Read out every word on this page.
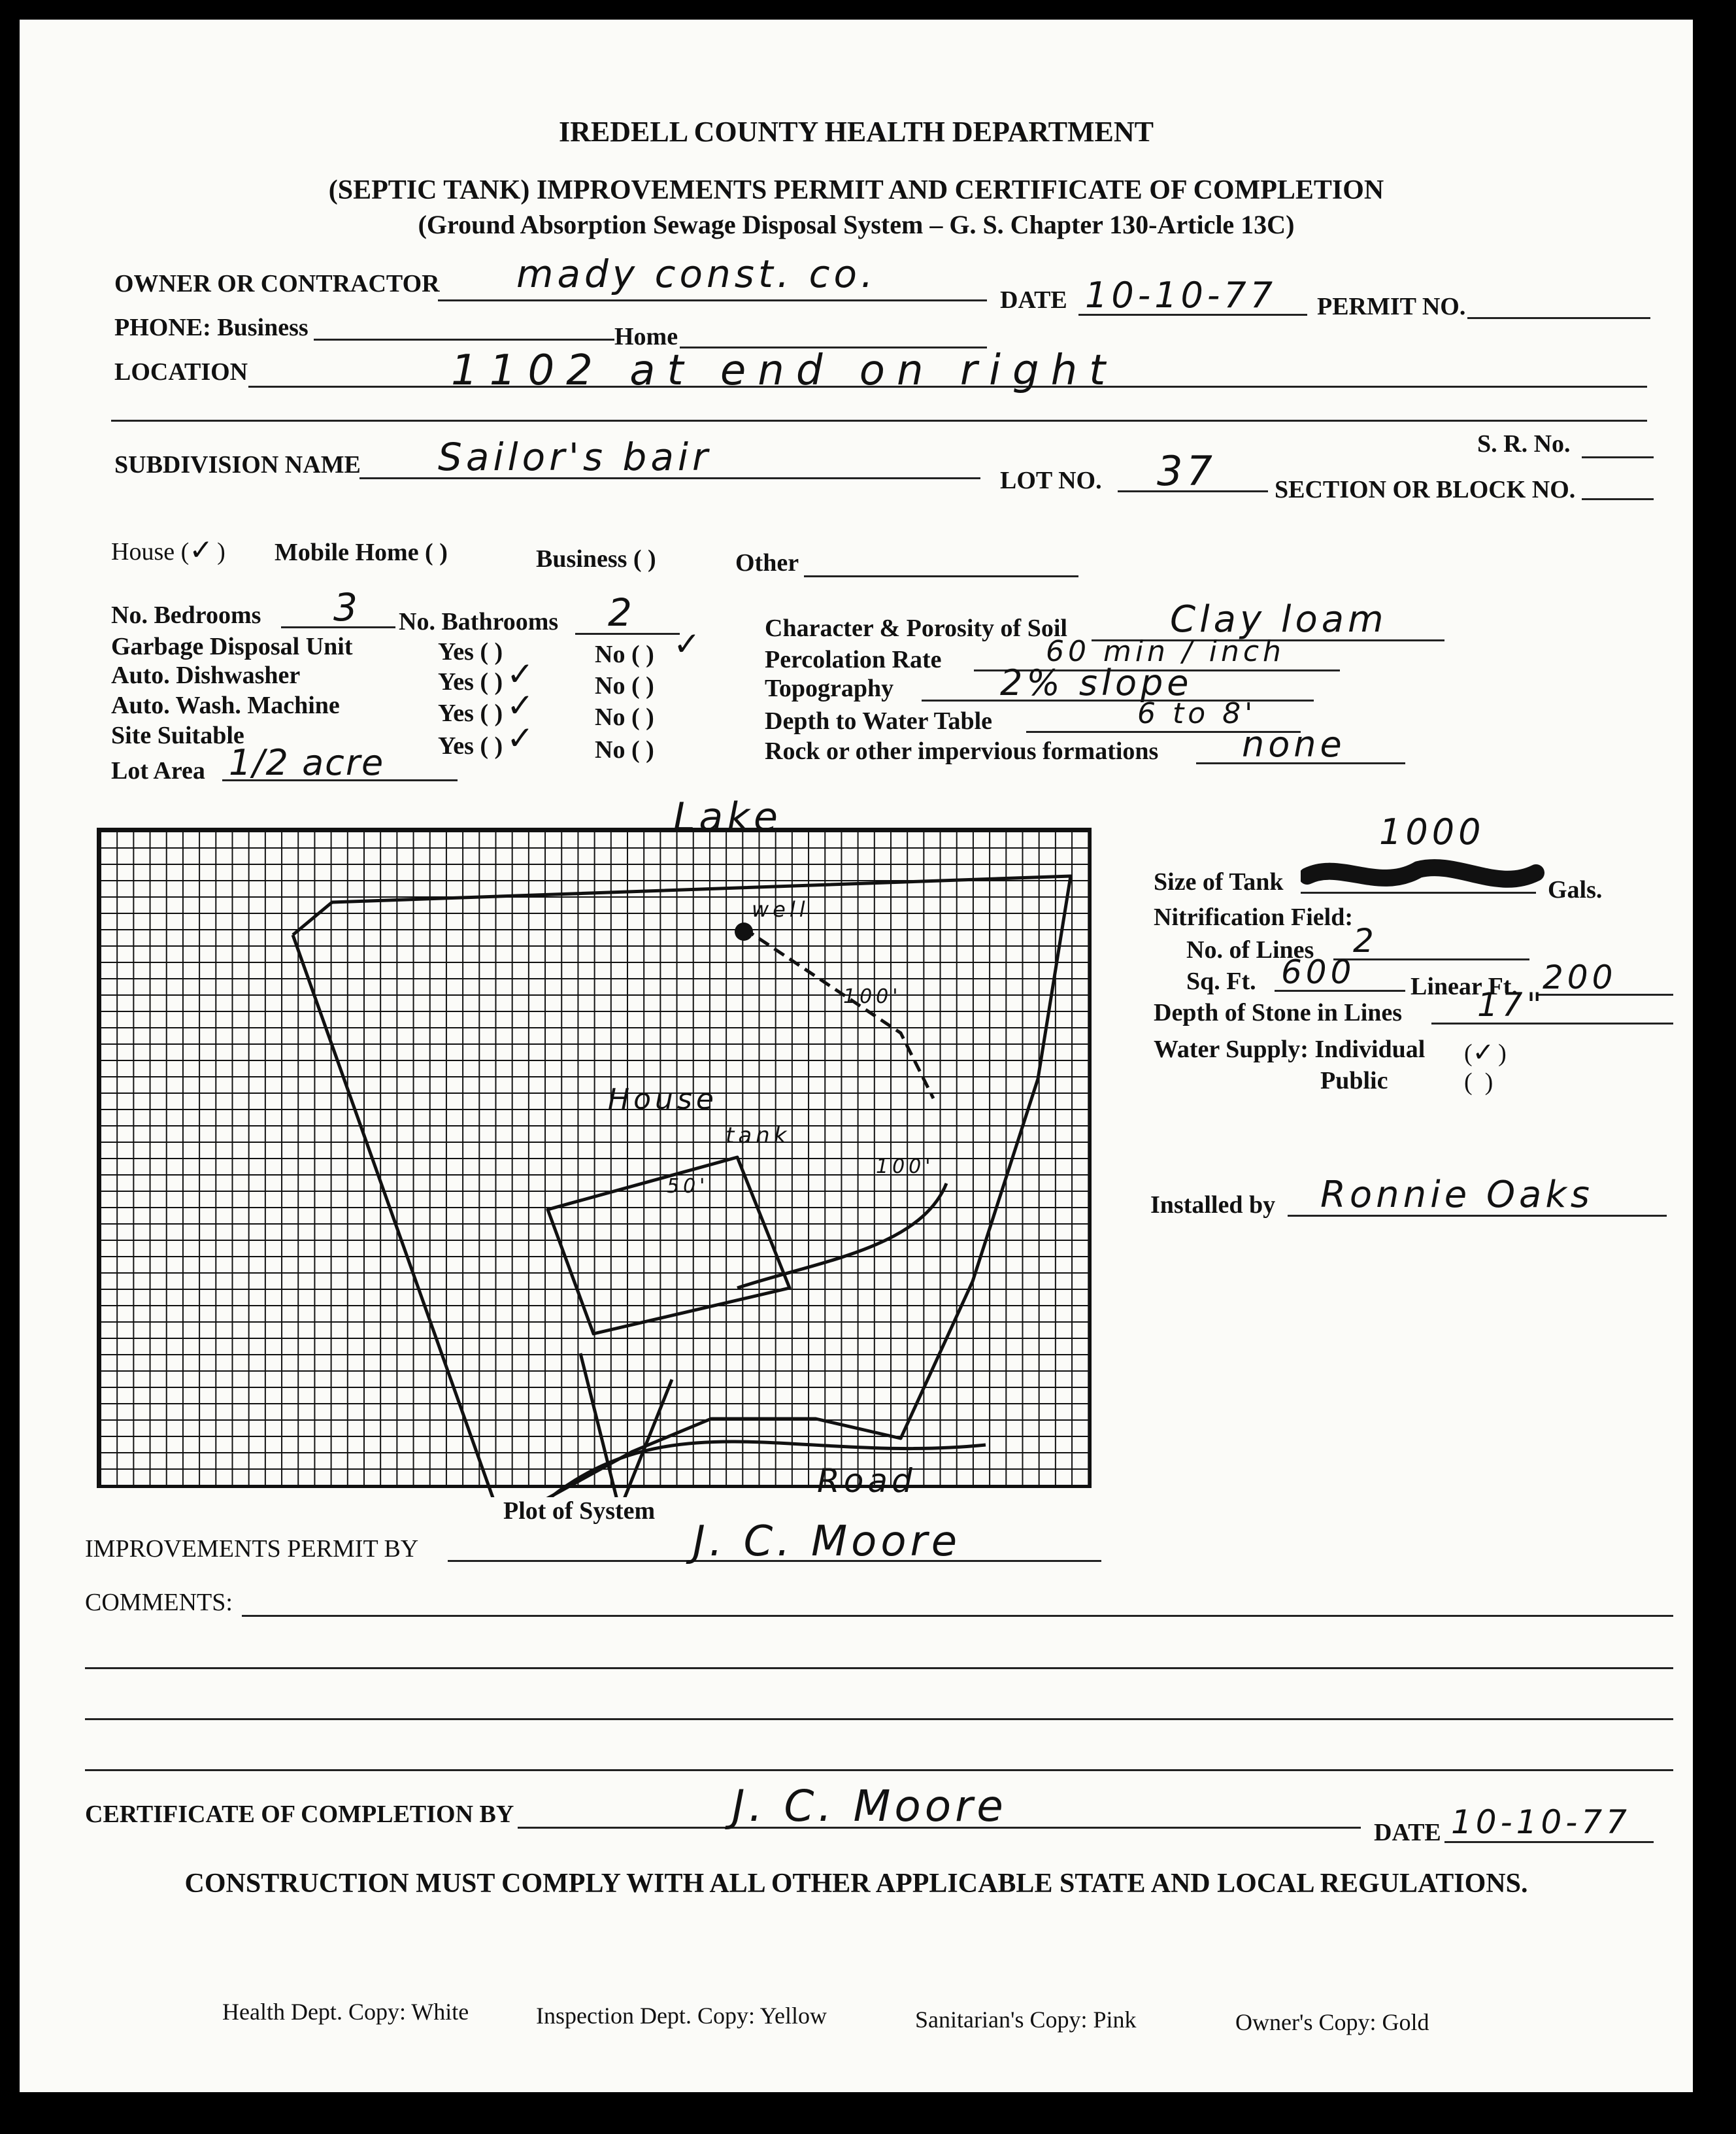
IREDELL COUNTY HEALTH DEPARTMENT
(SEPTIC TANK) IMPROVEMENTS PERMIT AND CERTIFICATE OF COMPLETION
(Ground Absorption Sewage Disposal System – G. S. Chapter 130-Article 13C)
OWNER OR CONTRACTOR mady const. co.
DATE 10-10-77 PERMIT NO.
PHONE: Business	Home
LOCATION	1102 at end on right
S. R. No.
SUBDIVISION NAME Sailor's bair
LOT NO. 37 SECTION OR BLOCK NO.
House (✓) Mobile Home ( )	Business ( )	Other
No. Bedrooms 3 No. Bathrooms 2
Garbage Disposal Unit	Yes ( )	No ( ) ✓
Auto. Dishwasher	Yes ( ) ✓ No ( )
Auto. Wash. Machine	Yes ( ) ✓ No ( )
Site Suitable	Yes ( ) ✓ No ( )
Lot Area 1/2 acre
Character & Porosity of Soil	Clay loam
Percolation Rate	60 min / inch
Topography	2% slope
Depth to Water Table	6 to 8'
Rock or other impervious formations none
Lake
well
House
tank
100'
100'
50'
Road
Plot of System
1000
Size of Tank	Gals.
Nitrification Field:
No. of Lines 2
Sq. Ft. 600 Linear Ft. 200
Depth of Stone in Lines 17"
Water Supply: Individual (✓)
Public	(  )
Installed by Ronnie Oaks
IMPROVEMENTS PERMIT BY	J. C. Moore
COMMENTS:
CERTIFICATE OF COMPLETION BY	J. C. Moore
DATE 10-10-77
CONSTRUCTION MUST COMPLY WITH ALL OTHER APPLICABLE STATE AND LOCAL REGULATIONS.
Health Dept. Copy: White	Inspection Dept. Copy: Yellow	Sanitarian's Copy: Pink	Owner's Copy: Gold
